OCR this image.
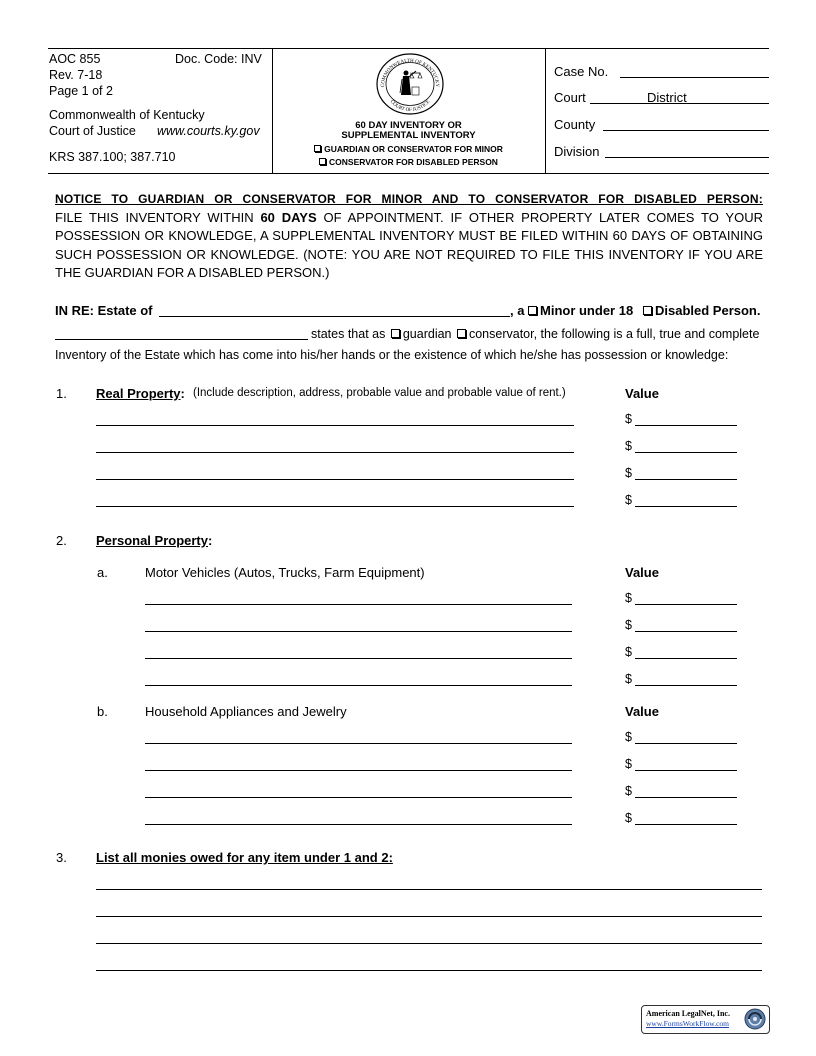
AOC 855	Doc. Code: INV
Rev. 7-18
Page 1 of 2
Commonwealth of Kentucky
Court of Justice www.courts.ky.gov
KRS 387.100; 387.710
COMMONWEALTH OF KENTUCKY
COURT OF JUSTICE
60 DAY INVENTORY OR
SUPPLEMENTAL INVENTORY
GUARDIAN OR CONSERVATOR FOR MINOR
CONSERVATOR FOR DISABLED PERSON
Case No.
Court	District
County
Division
NOTICE TO GUARDIAN OR CONSERVATOR FOR MINOR AND TO CONSERVATOR FOR DISABLED PERSON:
FILE THIS INVENTORY WITHIN 60 DAYS OF APPOINTMENT. IF OTHER PROPERTY LATER COMES TO YOUR POSSESSION OR KNOWLEDGE, A SUPPLEMENTAL INVENTORY MUST BE FILED WITHIN 60 DAYS OF OBTAINING SUCH POSSESSION OR KNOWLEDGE. (NOTE: YOU ARE NOT REQUIRED TO FILE THIS INVENTORY IF YOU ARE THE GUARDIAN FOR A DISABLED PERSON.)
IN RE: Estate of	, a	Minor under 18	Disabled Person.
states that as guardian conservator, the following is a full, true and complete
Inventory of the Estate which has come into his/her hands or the existence of which he/she has possession or knowledge:
1. Real Property: (Include description, address, probable value and probable value of rent.)	Value
$
$
$
$
2. Personal Property:
a.	Motor Vehicles (Autos, Trucks, Farm Equipment)	Value
$
$
$
$
b.	Household Appliances and Jewelry	Value
$
$
$
$
3. List all monies owed for any item under 1 and 2:
American LegalNet, Inc.
www.FormsWorkFlow.com
